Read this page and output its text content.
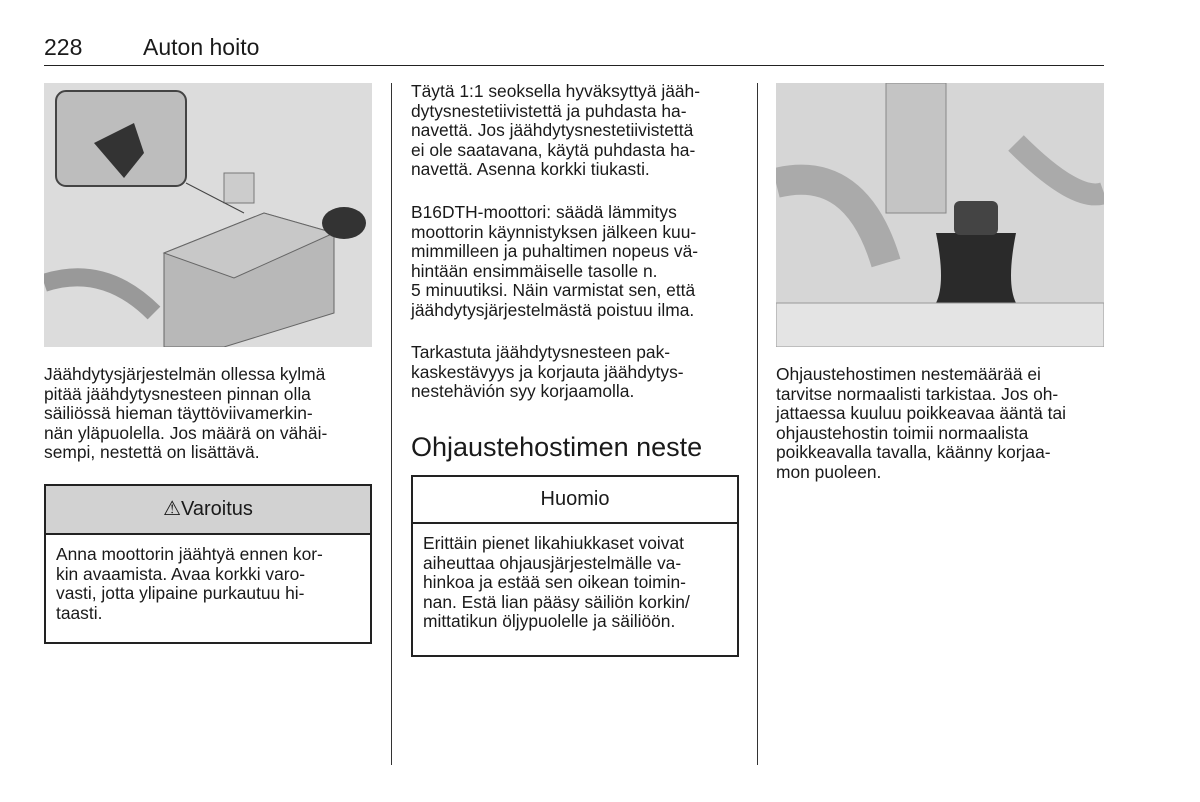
228	Auton hoito
Jäähdytysjärjestelmän ollessa kylmä
pitää jäähdytysnesteen pinnan olla
säiliössä hieman täyttöviivamerkin-
nän yläpuolella. Jos määrä on vähäi-
sempi, nestettä on lisättävä.
⚠Varoitus
Anna moottorin jäähtyä ennen kor-
kin avaamista. Avaa korkki varo-
vasti, jotta ylipaine purkautuu hi-
taasti.
Täytä 1:1 seoksella hyväksyttyä jääh-
dytysnestetiivistettä ja puhdasta ha-
navettä. Jos jäähdytysnestetiivistettä
ei ole saatavana, käytä puhdasta ha-
navettä. Asenna korkki tiukasti.
B16DTH-moottori: säädä lämmitys
moottorin käynnistyksen jälkeen kuu-
mimmilleen ja puhaltimen nopeus vä-
hintään ensimmäiselle tasolle n.
5 minuutiksi. Näin varmistat sen, että
jäähdytysjärjestelmästä poistuu ilma.
Tarkastuta jäähdytysnesteen pak-
kaskestävyys ja korjauta jäähdytys-
nestehävión syy korjaamolla.
Ohjaustehostimen neste
Huomio
Erittäin pienet likahiukkaset voivat
aiheuttaa ohjausjärjestelmälle va-
hinkoa ja estää sen oikean toimin-
nan. Estä lian pääsy säiliön korkin/
mittatikun öljypuolelle ja säiliöön.
Ohjaustehostimen nestemäärää ei
tarvitse normaalisti tarkistaa. Jos oh-
jattaessa kuuluu poikkeavaa ääntä tai
ohjaustehostin toimii normaalista
poikkeavalla tavalla, käänny korjaa-
mon puoleen.
